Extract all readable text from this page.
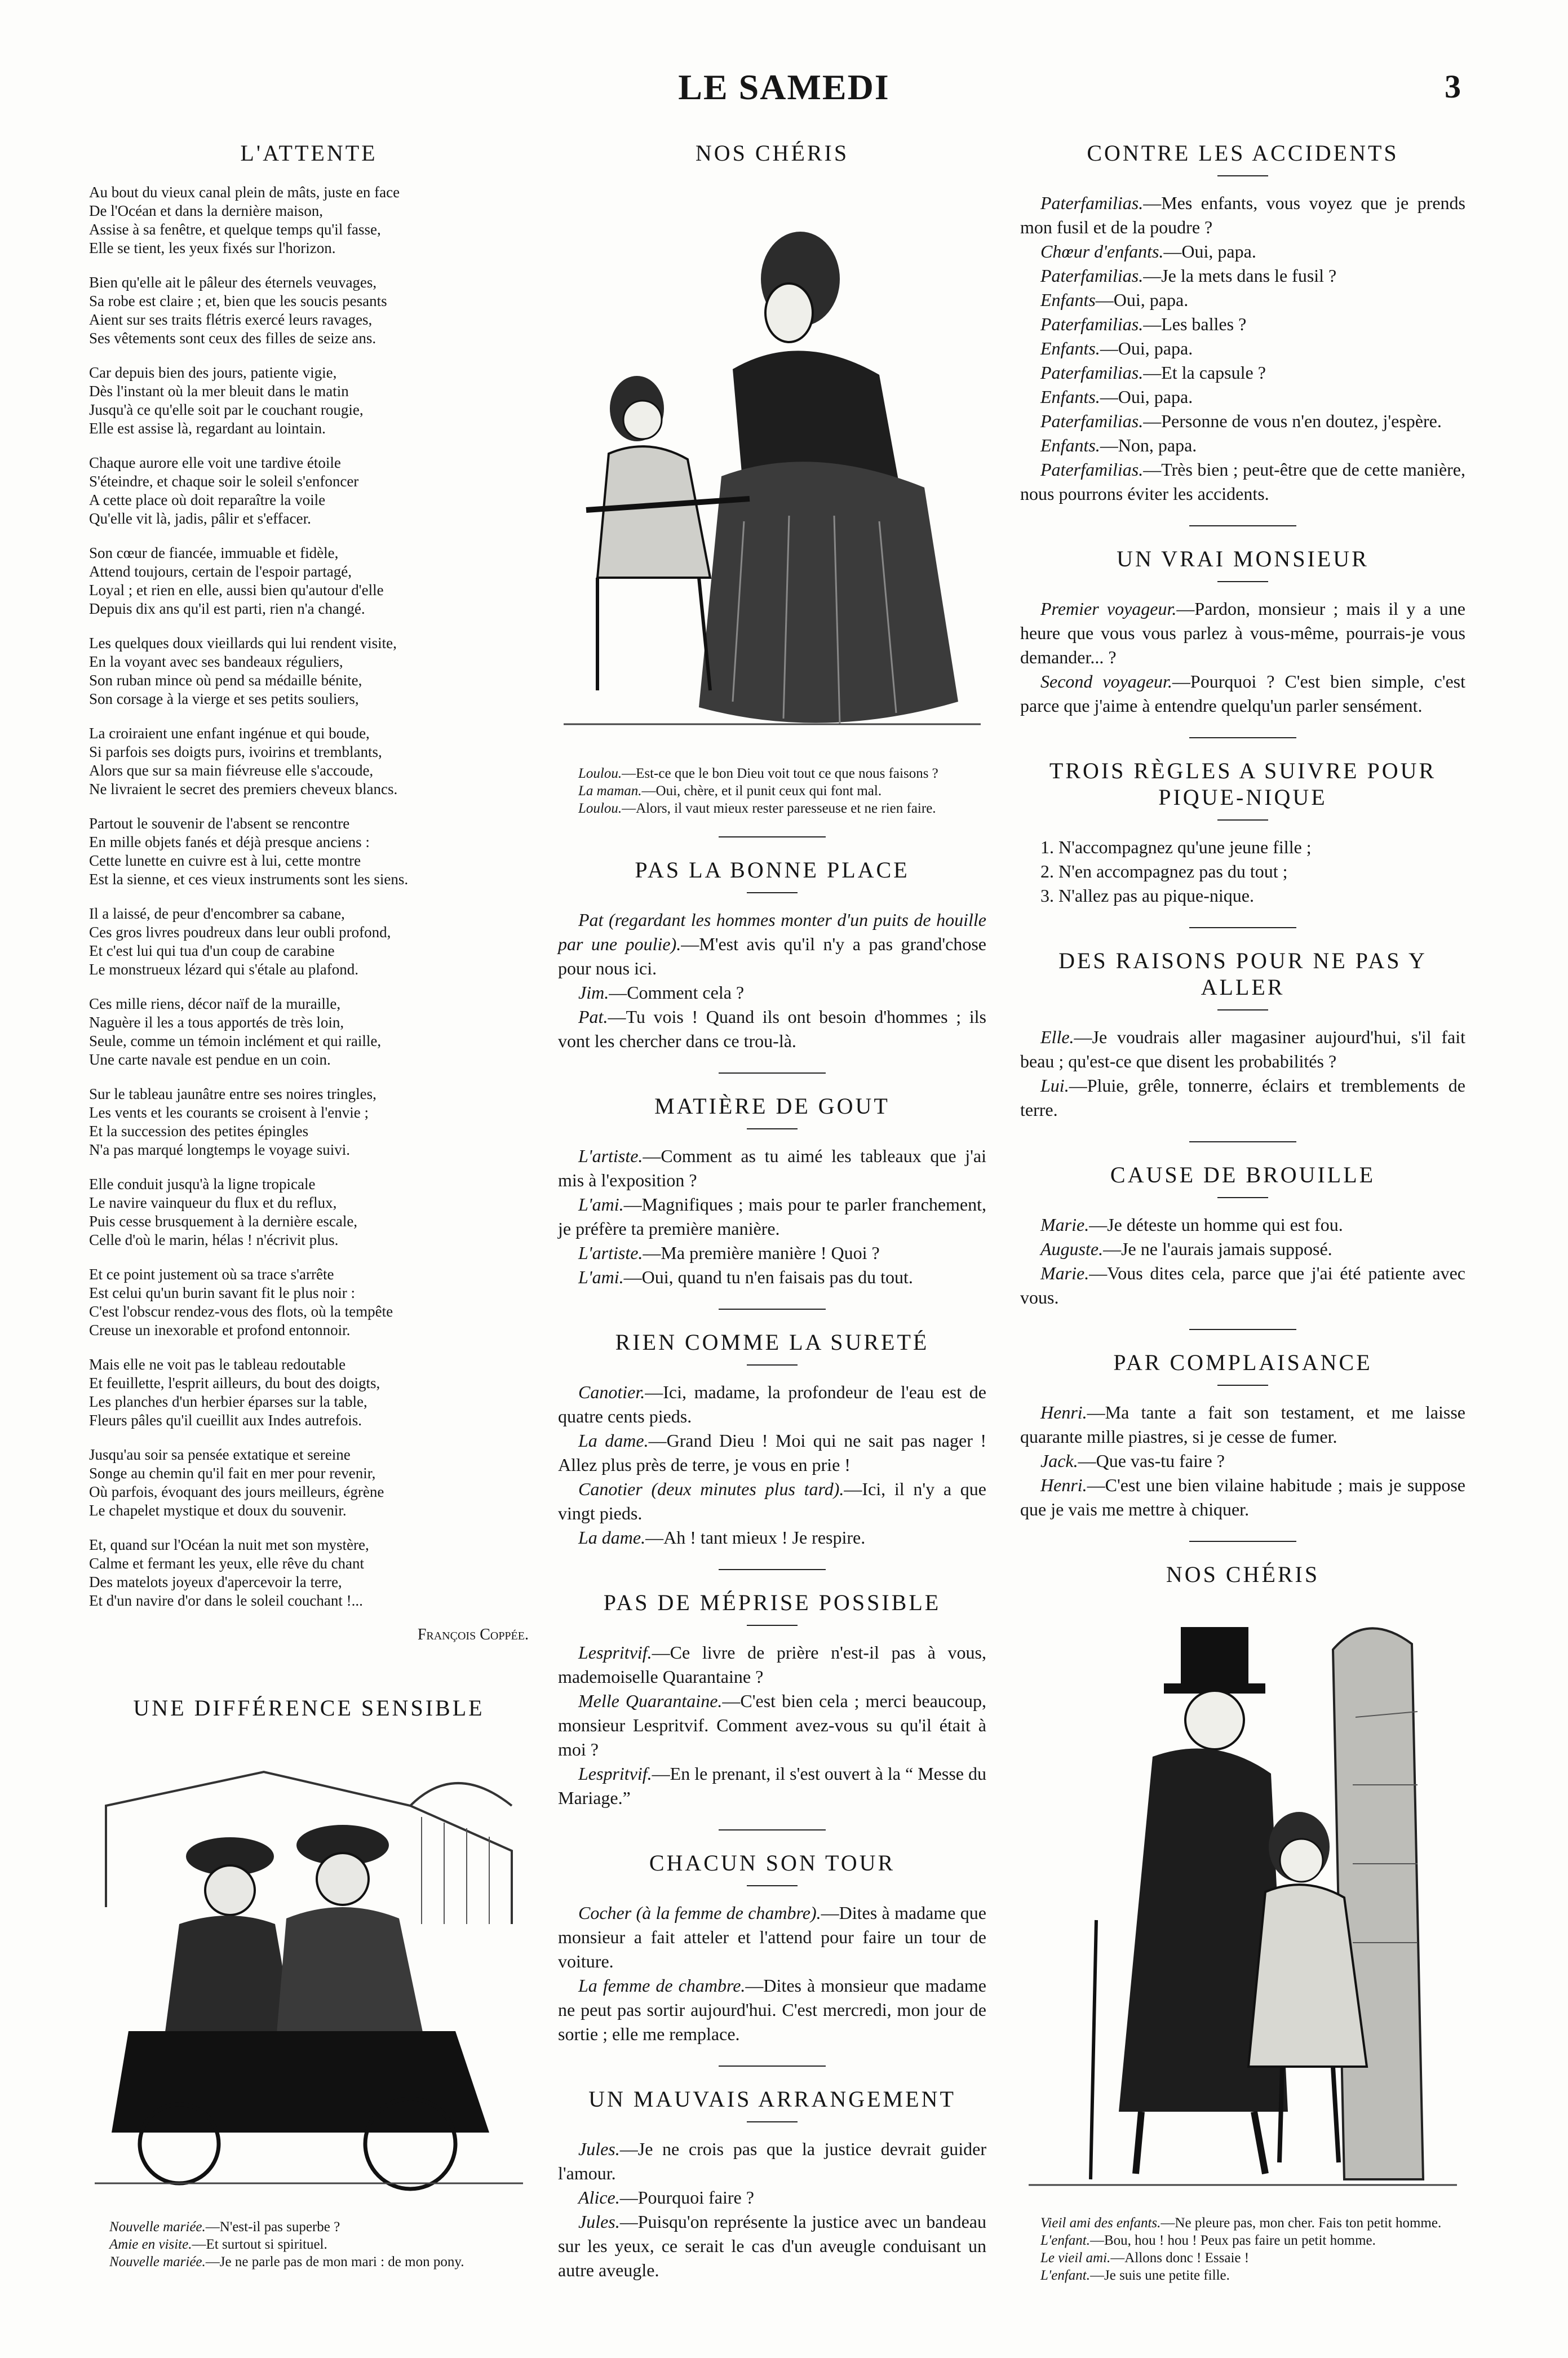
LE SAMEDI	3
L'ATTENTE
Au bout du vieux canal plein de mâts, juste en face
De l'Océan et dans la dernière maison,
Assise à sa fenêtre, et quelque temps qu'il fasse,
Elle se tient, les yeux fixés sur l'horizon.
Bien qu'elle ait le pâleur des éternels veuvages,
Sa robe est claire ; et, bien que les soucis pesants
Aient sur ses traits flétris exercé leurs ravages,
Ses vêtements sont ceux des filles de seize ans.
Car depuis bien des jours, patiente vigie,
Dès l'instant où la mer bleuit dans le matin
Jusqu'à ce qu'elle soit par le couchant rougie,
Elle est assise là, regardant au lointain.
Chaque aurore elle voit une tardive étoile
S'éteindre, et chaque soir le soleil s'enfoncer
A cette place où doit reparaître la voile
Qu'elle vit là, jadis, pâlir et s'effacer.
Son cœur de fiancée, immuable et fidèle,
Attend toujours, certain de l'espoir partagé,
Loyal ; et rien en elle, aussi bien qu'autour d'elle
Depuis dix ans qu'il est parti, rien n'a changé.
Les quelques doux vieillards qui lui rendent visite,
En la voyant avec ses bandeaux réguliers,
Son ruban mince où pend sa médaille bénite,
Son corsage à la vierge et ses petits souliers,
La croiraient une enfant ingénue et qui boude,
Si parfois ses doigts purs, ivoirins et tremblants,
Alors que sur sa main fiévreuse elle s'accoude,
Ne livraient le secret des premiers cheveux blancs.
Partout le souvenir de l'absent se rencontre
En mille objets fanés et déjà presque anciens :
Cette lunette en cuivre est à lui, cette montre
Est la sienne, et ces vieux instruments sont les siens.
Il a laissé, de peur d'encombrer sa cabane,
Ces gros livres poudreux dans leur oubli profond,
Et c'est lui qui tua d'un coup de carabine
Le monstrueux lézard qui s'étale au plafond.
Ces mille riens, décor naïf de la muraille,
Naguère il les a tous apportés de très loin,
Seule, comme un témoin inclément et qui raille,
Une carte navale est pendue en un coin.
Sur le tableau jaunâtre entre ses noires tringles,
Les vents et les courants se croisent à l'envie ;
Et la succession des petites épingles
N'a pas marqué longtemps le voyage suivi.
Elle conduit jusqu'à la ligne tropicale
Le navire vainqueur du flux et du reflux,
Puis cesse brusquement à la dernière escale,
Celle d'où le marin, hélas ! n'écrivit plus.
Et ce point justement où sa trace s'arrête
Est celui qu'un burin savant fit le plus noir :
C'est l'obscur rendez-vous des flots, où la tempête
Creuse un inexorable et profond entonnoir.
Mais elle ne voit pas le tableau redoutable
Et feuillette, l'esprit ailleurs, du bout des doigts,
Les planches d'un herbier éparses sur la table,
Fleurs pâles qu'il cueillit aux Indes autrefois.
Jusqu'au soir sa pensée extatique et sereine
Songe au chemin qu'il fait en mer pour revenir,
Où parfois, évoquant des jours meilleurs, égrène
Le chapelet mystique et doux du souvenir.
Et, quand sur l'Océan la nuit met son mystère,
Calme et fermant les yeux, elle rêve du chant
Des matelots joyeux d'apercevoir la terre,
Et d'un navire d'or dans le soleil couchant !...
François Coppée.
UNE DIFFÉRENCE SENSIBLE

Nouvelle mariée.—N'est-il pas superbe ?

Amie en visite.—Et surtout si spirituel.

Nouvelle mariée.—Je ne parle pas de mon mari : de mon pony.

NOS CHÉRIS

Loulou.—Est-ce que le bon Dieu voit tout ce que nous faisons ?

La maman.—Oui, chère, et il punit ceux qui font mal.

Loulou.—Alors, il vaut mieux rester paresseuse et ne rien faire.

PAS LA BONNE PLACE

Pat (regardant les hommes monter d'un puits de houille par une poulie).—M'est avis qu'il n'y a pas grand'chose pour nous ici.

Jim.—Comment cela ?

Pat.—Tu vois ! Quand ils ont besoin d'hommes ; ils vont les chercher dans ce trou-là.

MATIÈRE DE GOUT

L'artiste.—Comment as tu aimé les tableaux que j'ai mis à l'exposition ?

L'ami.—Magnifiques ; mais pour te parler franchement, je préfère ta première manière.

L'artiste.—Ma première manière ! Quoi ?

L'ami.—Oui, quand tu n'en faisais pas du tout.

RIEN COMME LA SURETÉ

Canotier.—Ici, madame, la profondeur de l'eau est de quatre cents pieds.

La dame.—Grand Dieu ! Moi qui ne sait pas nager ! Allez plus près de terre, je vous en prie !

Canotier (deux minutes plus tard).—Ici, il n'y a que vingt pieds.

La dame.—Ah ! tant mieux ! Je respire.

PAS DE MÉPRISE POSSIBLE

Lespritvif.—Ce livre de prière n'est-il pas à vous, mademoiselle Quarantaine ?

Melle Quarantaine.—C'est bien cela ; merci beaucoup, monsieur Lespritvif. Comment avez-vous su qu'il était à moi ?

Lespritvif.—En le prenant, il s'est ouvert à la “ Messe du Mariage.”

CHACUN SON TOUR

Cocher (à la femme de chambre).—Dites à madame que monsieur a fait atteler et l'attend pour faire un tour de voiture.

La femme de chambre.—Dites à monsieur que madame ne peut pas sortir aujourd'hui. C'est mercredi, mon jour de sortie ; elle me remplace.

UN MAUVAIS ARRANGEMENT

Jules.—Je ne crois pas que la justice devrait guider l'amour.

Alice.—Pourquoi faire ?

Jules.—Puisqu'on représente la justice avec un bandeau sur les yeux, ce serait le cas d'un aveugle conduisant un autre aveugle.

CONTRE LES ACCIDENTS

Paterfamilias.—Mes enfants, vous voyez que je prends mon fusil et de la poudre ?

Chœur d'enfants.—Oui, papa.

Paterfamilias.—Je la mets dans le fusil ?

Enfants—Oui, papa.

Paterfamilias.—Les balles ?

Enfants.—Oui, papa.

Paterfamilias.—Et la capsule ?

Enfants.—Oui, papa.

Paterfamilias.—Personne de vous n'en doutez, j'espère.

Enfants.—Non, papa.

Paterfamilias.—Très bien ; peut-être que de cette manière, nous pourrons éviter les accidents.

UN VRAI MONSIEUR

Premier voyageur.—Pardon, monsieur ; mais il y a une heure que vous vous parlez à vous-même, pourrais-je vous demander... ?

Second voyageur.—Pourquoi ? C'est bien simple, c'est parce que j'aime à entendre quelqu'un parler sensément.

TROIS RÈGLES A SUIVRE POUR PIQUE-NIQUE

1. N'accompagnez qu'une jeune fille ;

2. N'en accompagnez pas du tout ;

3. N'allez pas au pique-nique.

DES RAISONS POUR NE PAS Y ALLER

Elle.—Je voudrais aller magasiner aujourd'hui, s'il fait beau ; qu'est-ce que disent les probabilités ?

Lui.—Pluie, grêle, tonnerre, éclairs et tremblements de terre.

CAUSE DE BROUILLE

Marie.—Je déteste un homme qui est fou.

Auguste.—Je ne l'aurais jamais supposé.

Marie.—Vous dites cela, parce que j'ai été patiente avec vous.

PAR COMPLAISANCE

Henri.—Ma tante a fait son testament, et me laisse quarante mille piastres, si je cesse de fumer.

Jack.—Que vas-tu faire ?

Henri.—C'est une bien vilaine habitude ; mais je suppose que je vais me mettre à chiquer.

NOS CHÉRIS

Vieil ami des enfants.—Ne pleure pas, mon cher. Fais ton petit homme.

L'enfant.—Bou, hou ! hou ! Peux pas faire un petit homme.

Le vieil ami.—Allons donc ! Essaie !

L'enfant.—Je suis une petite fille.
